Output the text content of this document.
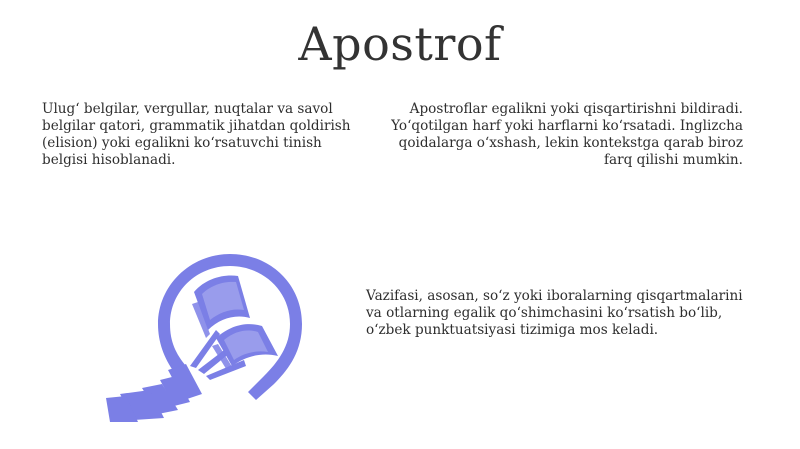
Apostrof
Ulugʻ belgilar, vergullar, nuqtalar va savol belgilar qatori, grammatik jihatdan qoldirish (elision) yoki egalikni koʻrsatuvchi tinish belgisi hisoblanadi.
Apostroflar egalikni yoki qisqartirishni bildiradi. Yoʻqotilgan harf yoki harflarni koʻrsatadi. Inglizcha qoidalarga oʻxshash, lekin kontekstga qarab biroz farq qilishi mumkin.
Vazifasi, asosan, soʻz yoki iboralarning qisqartmalarini va otlarning egalik qoʻshimchasini koʻrsatish boʻlib, oʻzbek punktuatsiyasi tizimiga mos keladi.
